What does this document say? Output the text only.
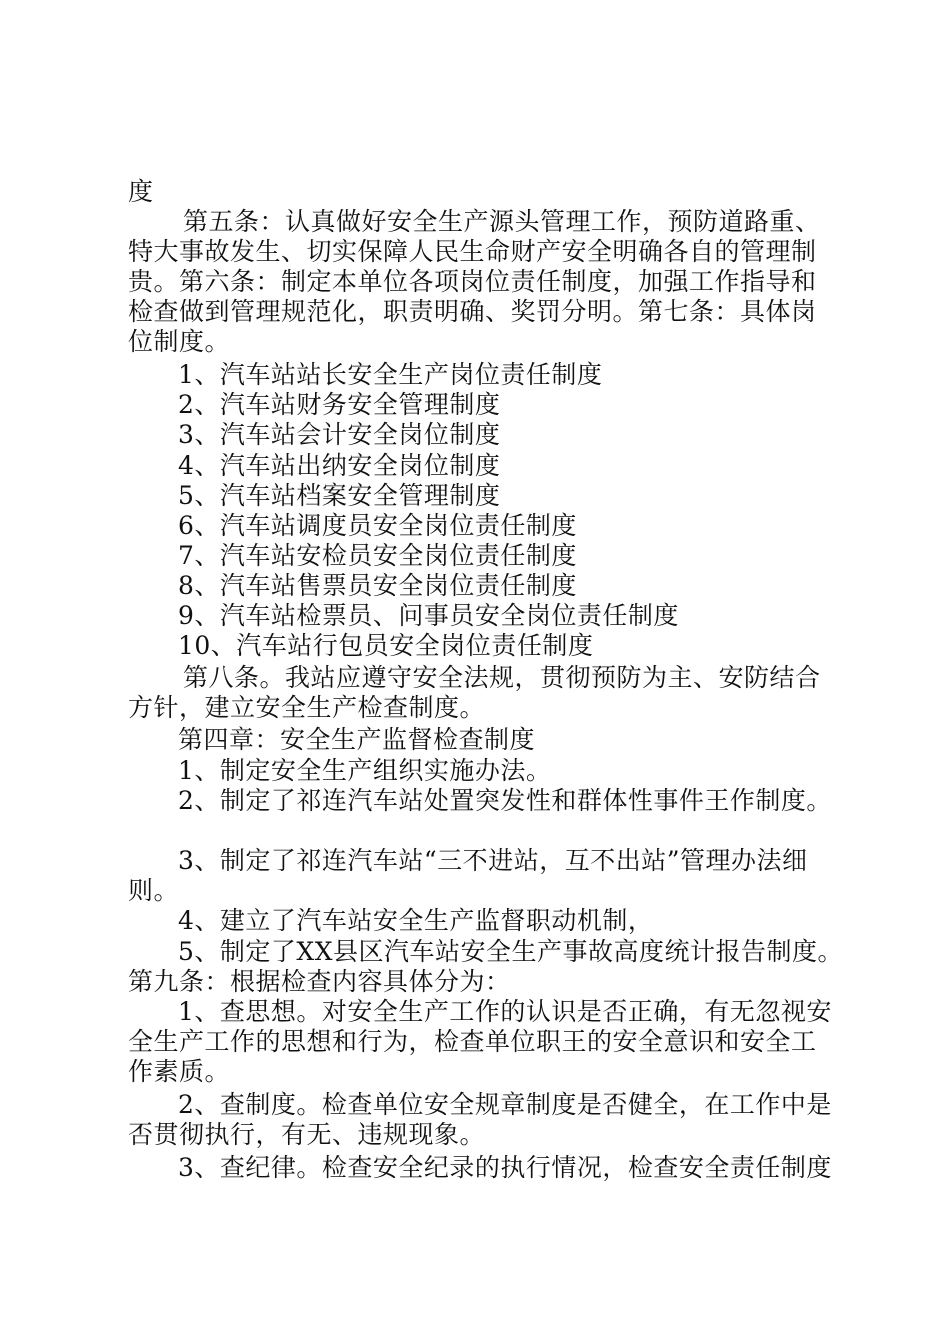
度
第五条：认真做好安全生产源头管理工作，预防道路重、
特大事故发生、切实保障人民生命财产安全明确各自的管理制
贵。第六条：制定本单位各项岗位责任制度，加强工作指导和
检查做到管理规范化，职责明确、奖罚分明。第七条：具体岗
位制度。
1、汽车站站长安全生产岗位责任制度
2、汽车站财务安全管理制度
3、汽车站会计安全岗位制度
4、汽车站出纳安全岗位制度
5、汽车站档案安全管理制度
6、汽车站调度员安全岗位责任制度
7、汽车站安检员安全岗位责任制度
8、汽车站售票员安全岗位责任制度
9、汽车站检票员、问事员安全岗位责任制度
10、汽车站行包员安全岗位责任制度
第八条。我站应遵守安全法规，贯彻预防为主、安防结合
方针，建立安全生产检查制度。
第四章：安全生产监督检查制度
1、制定安全生产组织实施办法。
2、制定了祁连汽车站处置突发性和群体性事件王作制度。
3、制定了祁连汽车站“三不进站，互不出站”管理办法细
则。
4、建立了汽车站安全生产监督职动机制，
5、制定了XX县区汽车站安全生产事故高度统计报告制度。
第九条：根据检查内容具体分为：
1、查思想。对安全生产工作的认识是否正确，有无忽视安
全生产工作的思想和行为，检查单位职王的安全意识和安全工
作素质。
2、查制度。检查单位安全规章制度是否健全，在工作中是
否贯彻执行，有无、违规现象。
3、查纪律。检查安全纪录的执行情况，检查安全责任制度
